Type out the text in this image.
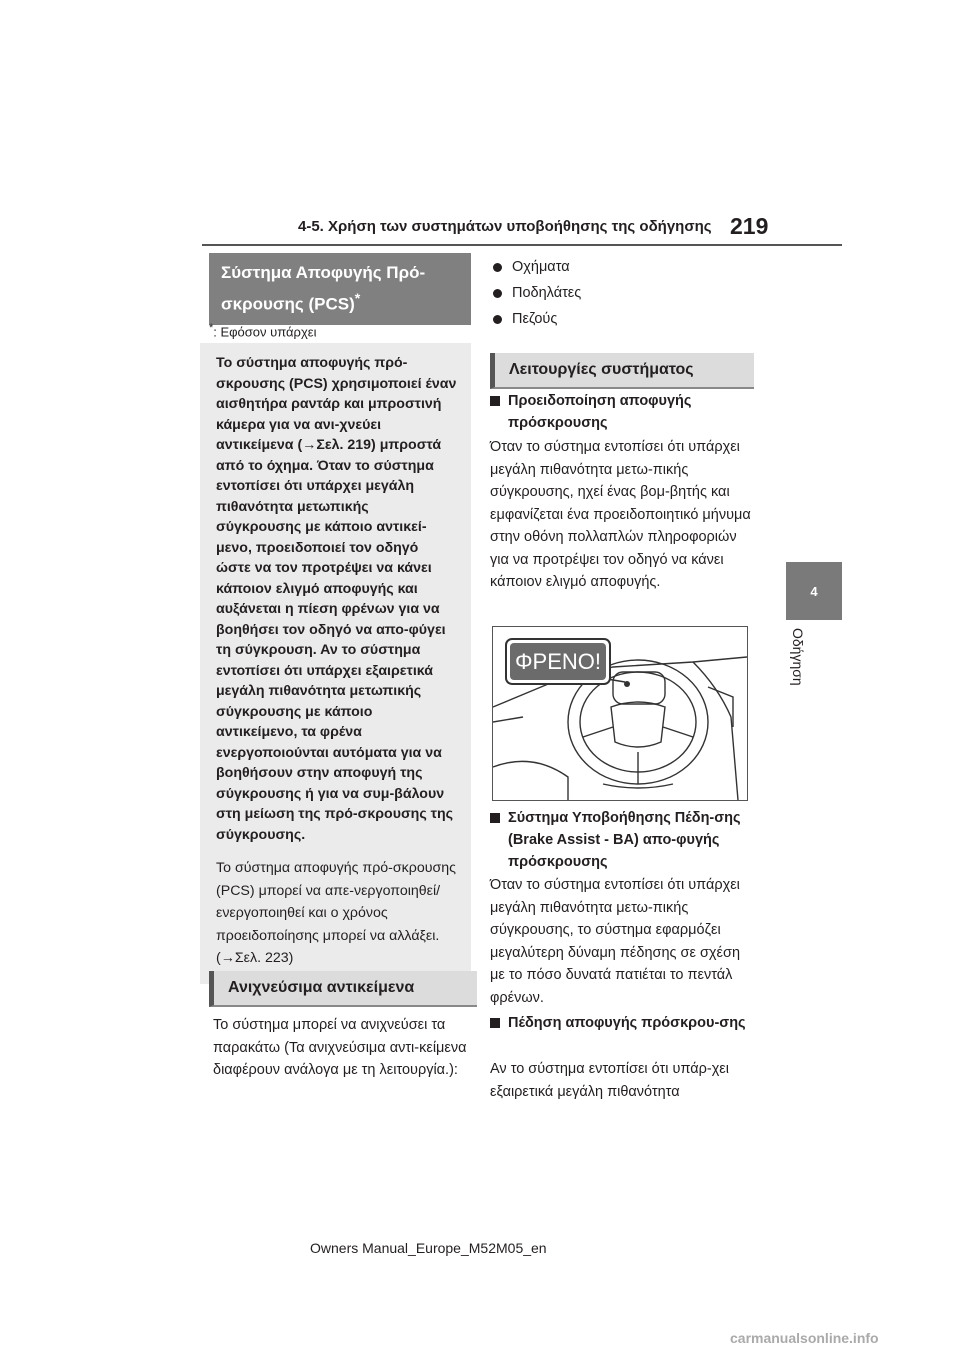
4-5. Χρήση των συστημάτων υποβοήθησης της οδήγησης 219
4
Οδήγηση
Σύστημα Αποφυγής Πρό-σκρουσης (PCS)*
*: Εφόσον υπάρχει
Το σύστημα αποφυγής πρό-σκρουσης (PCS) χρησιμοποιεί έναν αισθητήρα ραντάρ και μπροστινή κάμερα για να ανι-χνεύει αντικείμενα (→Σελ. 219) μπροστά από το όχημα. Όταν το σύστημα εντοπίσει ότι υπάρχει μεγάλη πιθανότητα μετωπικής σύγκρουσης με κάποιο αντικεί-μενο, προειδοποιεί τον οδηγό ώστε να τον προτρέψει να κάνει κάποιον ελιγμό αποφυγής και αυξάνεται η πίεση φρένων για να βοηθήσει τον οδηγό να απο-φύγει τη σύγκρουση. Αν το σύστημα εντοπίσει ότι υπάρχει εξαιρετικά μεγάλη πιθανότητα μετωπικής σύγκρουσης με κάποιο αντικείμενο, τα φρένα ενεργοποιούνται αυτόματα για να βοηθήσουν στην αποφυγή της σύγκρουσης ή για να συμ-βάλουν στη μείωση της πρό-σκρουσης της σύγκρουσης.
Το σύστημα αποφυγής πρό-σκρουσης (PCS) μπορεί να απε-νεργοποιηθεί/ενεργοποιηθεί και ο χρόνος προειδοποίησης μπορεί να αλλάξει. (→Σελ. 223)
Ανιχνεύσιμα αντικείμενα
Το σύστημα μπορεί να ανιχνεύσει τα παρακάτω (Τα ανιχνεύσιμα αντι-κείμενα διαφέρουν ανάλογα με τη λειτουργία.):
Οχήματα
Ποδηλάτες
Πεζούς
Λειτουργίες συστήματος
Προειδοποίηση αποφυγής πρόσκρουσης
Όταν το σύστημα εντοπίσει ότι υπάρχει μεγάλη πιθανότητα μετω-πικής σύγκρουσης, ηχεί ένας βομ-βητής και εμφανίζεται ένα προειδοποιητικό μήνυμα στην οθόνη πολλαπλών πληροφοριών για να προτρέψει τον οδηγό να κάνει κάποιον ελιγμό αποφυγής.
ΦΡΕΝΟ!
Σύστημα Υποβοήθησης Πέδη-σης (Brake Assist - BA) απο-φυγής πρόσκρουσης
Όταν το σύστημα εντοπίσει ότι υπάρχει μεγάλη πιθανότητα μετω-πικής σύγκρουσης, το σύστημα εφαρμόζει μεγαλύτερη δύναμη πέδησης σε σχέση με το πόσο δυνατά πατιέται το πεντάλ φρένων.
Πέδηση αποφυγής πρόσκρου-σης
Αν το σύστημα εντοπίσει ότι υπάρ-χει εξαιρετικά μεγάλη πιθανότητα
Owners Manual_Europe_M52M05_en
carmanualsonline.info
